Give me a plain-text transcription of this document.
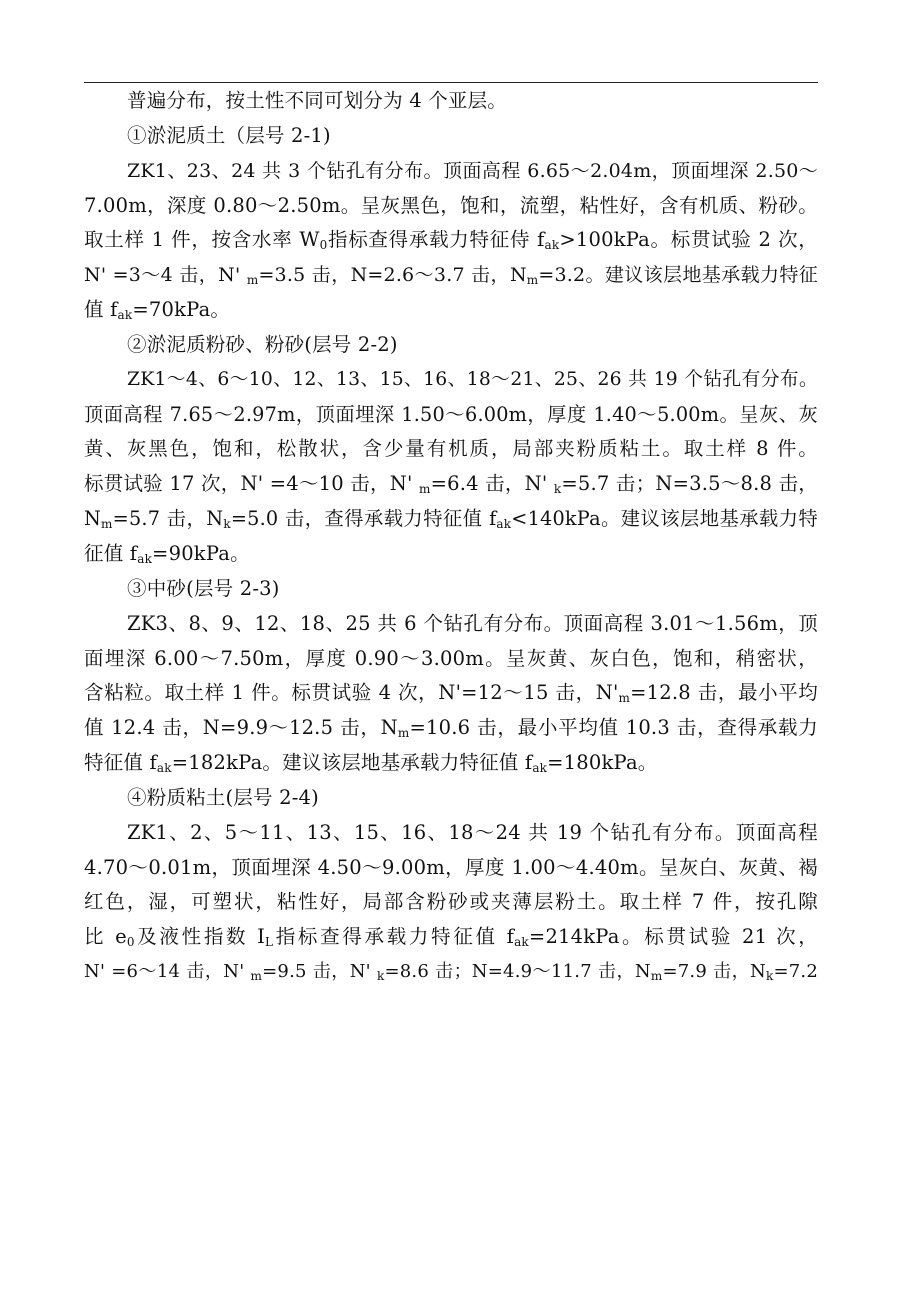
普遍分布，按土性不同可划分为 4 个亚层。
①淤泥质土（层号 2-1)
ZK1、23、24 共 3 个钻孔有分布。顶面高程 6.65～2.04m，顶面埋深 2.50～
7.00m，深度 0.80～2.50m。呈灰黑色，饱和，流塑，粘性好，含有机质、粉砂。
取土样 1 件，按含水率 $W_0$指标查得承载力特征侍 $f_{ak}>100kPa$。标贯试验 2 次，
N' =3～4 击，N' $_m$=3.5 击，N=2.6～3.7 击，$N_m=3.2$。建议该层地基承载力特征
值 $f_{ak}=70kPa$。
②淤泥质粉砂、粉砂(层号 2-2)
ZK1～4、6～10、12、13、15、16、18～21、25、26 共 19 个钻孔有分布。
顶面高程 7.65～2.97m，顶面埋深 1.50～6.00m，厚度 1.40～5.00m。呈灰、灰
黄、灰黑色，饱和，松散状，含少量有机质，局部夹粉质粘土。取土样 8 件。
标贯试验 17 次，N' =4～10 击，N' $_m$=6.4 击，N' $_k$=5.7 击；N=3.5～8.8 击，
$N_m=5.7$ 击，$N_k=5.0$ 击，查得承载力特征值 $f_{ak}<140kPa$。建议该层地基承载力特
征值 $f_{ak}=90kPa$。
③中砂(层号 2-3)
ZK3、8、9、12、18、25 共 6 个钻孔有分布。顶面高程 3.01～1.56m，顶
面埋深 6.00～7.50m，厚度 0.90～3.00m。呈灰黄、灰白色，饱和，稍密状，
含粘粒。取土样 1 件。标贯试验 4 次，N'=12～15 击，$N'_m=12.8$ 击，最小平均
值 12.4 击，N=9.9～12.5 击，$N_m=10.6$ 击，最小平均值 10.3 击，查得承载力
特征值 $f_{ak}=182kPa$。建议该层地基承载力特征值 $f_{ak}=180kPa$。
④粉质粘土(层号 2-4)
ZK1、2、5～11、13、15、16、18～24 共 19 个钻孔有分布。顶面高程
4.70～0.01m，顶面埋深 4.50～9.00m，厚度 1.00～4.40m。呈灰白、灰黄、褐
红色，湿，可塑状，粘性好，局部含粉砂或夹薄层粉土。取土样 7 件，按孔隙
比 $e_0$及液性指数 $I_L$指标查得承载力特征值 $f_{ak}=214kPa$。标贯试验 21 次，
N' =6～14 击，N' $_m$=9.5 击，N' $_k$=8.6 击；N=4.9～11.7 击，$N_m=7.9$ 击，$N_k=7.2$
